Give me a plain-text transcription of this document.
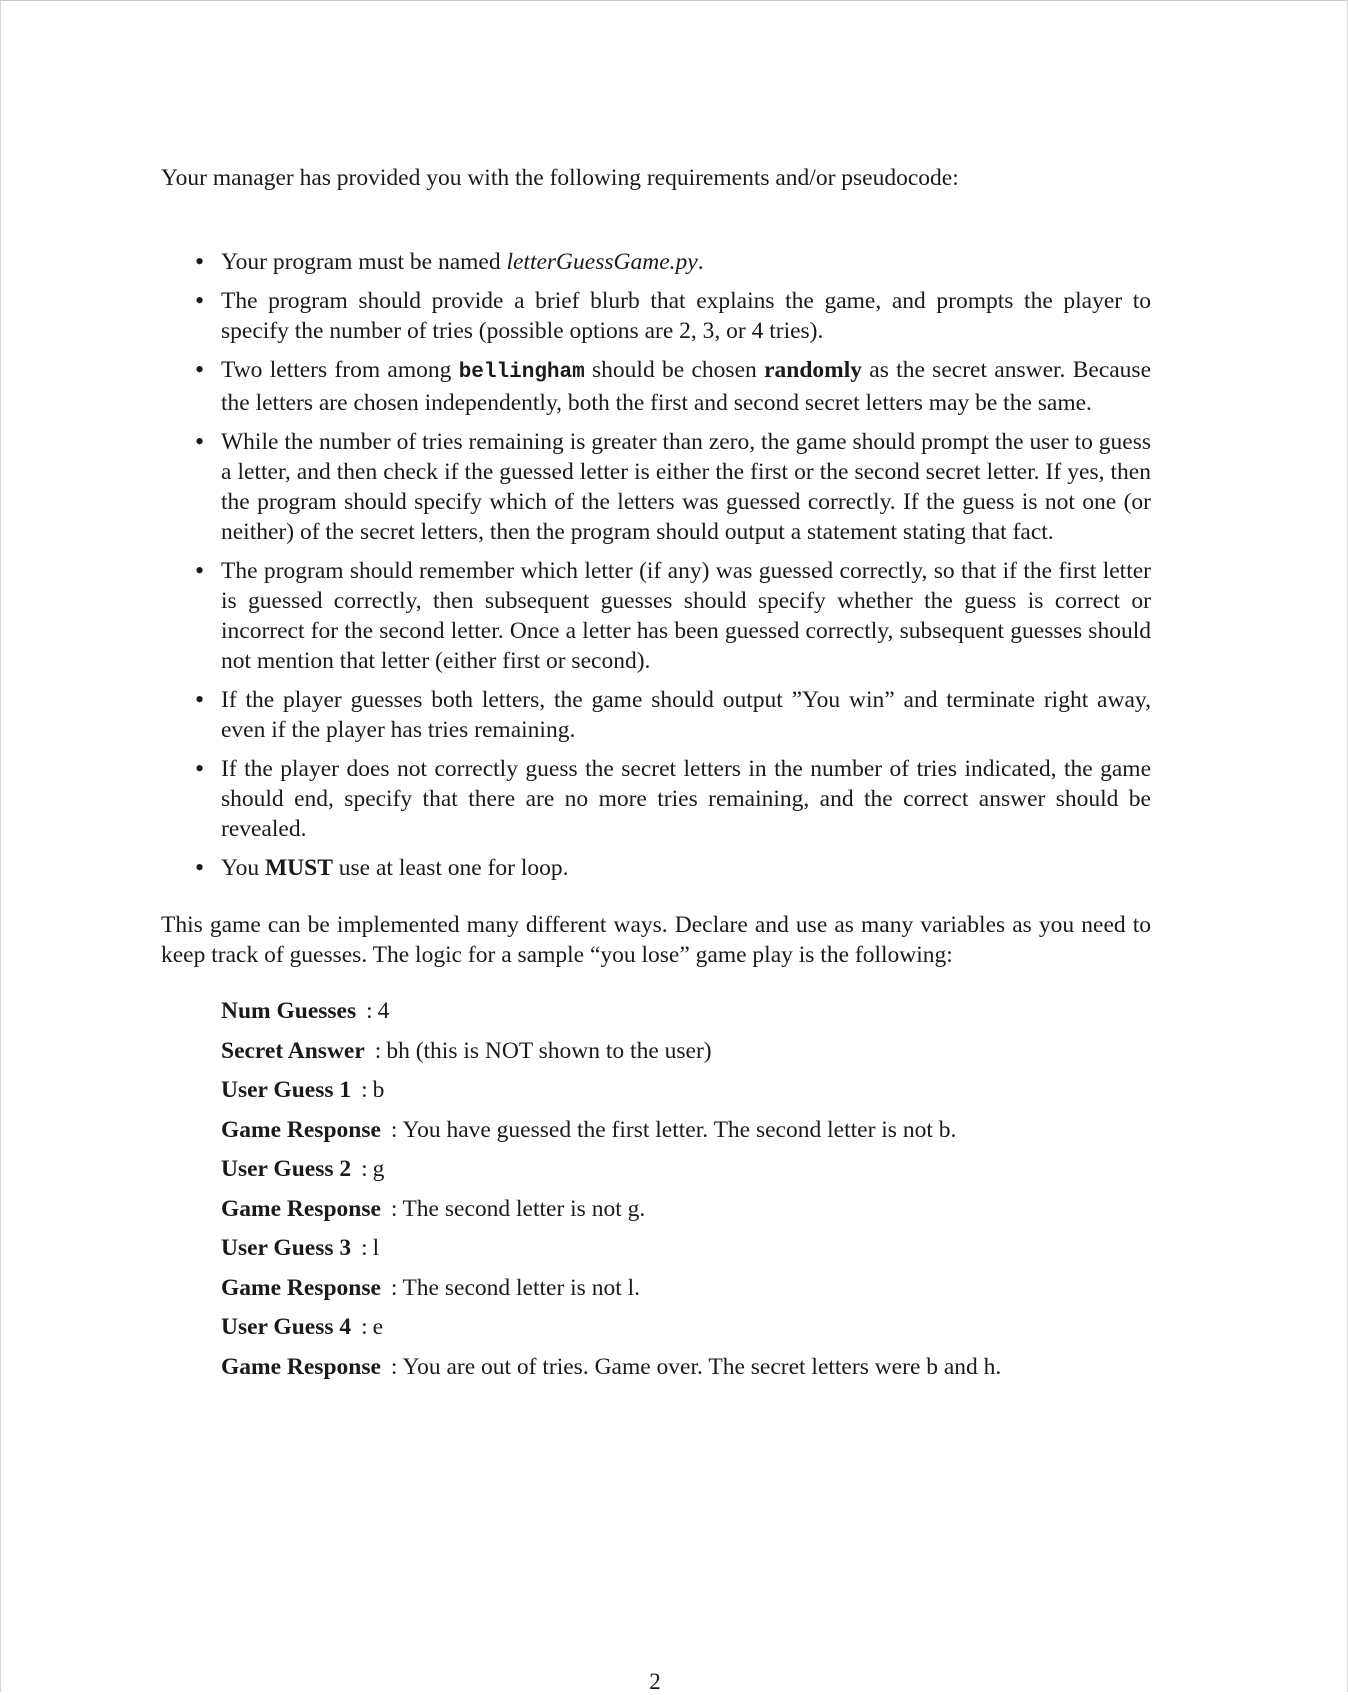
Your manager has provided you with the following requirements and/or pseudocode:

• Your program must be named letterGuessGame.py.
• The program should provide a brief blurb that explains the game, and prompts the player to specify the number of tries (possible options are 2, 3, or 4 tries).
• Two letters from among bellingham should be chosen randomly as the secret answer. Because the letters are chosen independently, both the first and second secret letters may be the same.
• While the number of tries remaining is greater than zero, the game should prompt the user to guess a letter, and then check if the guessed letter is either the first or the second secret letter. If yes, then the program should specify which of the letters was guessed correctly. If the guess is not one (or neither) of the secret letters, then the program should output a statement stating that fact.
• The program should remember which letter (if any) was guessed correctly, so that if the first letter is guessed correctly, then subsequent guesses should specify whether the guess is correct or incorrect for the second letter. Once a letter has been guessed correctly, subsequent guesses should not mention that letter (either first or second).
• If the player guesses both letters, the game should output ”You win” and terminate right away, even if the player has tries remaining.
• If the player does not correctly guess the secret letters in the number of tries indicated, the game should end, specify that there are no more tries remaining, and the correct answer should be revealed.
• You MUST use at least one for loop.

This game can be implemented many different ways. Declare and use as many variables as you need to keep track of guesses. The logic for a sample “you lose” game play is the following:

Num Guesses : 4
Secret Answer : bh (this is NOT shown to the user)
User Guess 1 : b
Game Response : You have guessed the first letter. The second letter is not b.
User Guess 2 : g
Game Response : The second letter is not g.
User Guess 3 : l
Game Response : The second letter is not l.
User Guess 4 : e
Game Response : You are out of tries. Game over. The secret letters were b and h.
2
